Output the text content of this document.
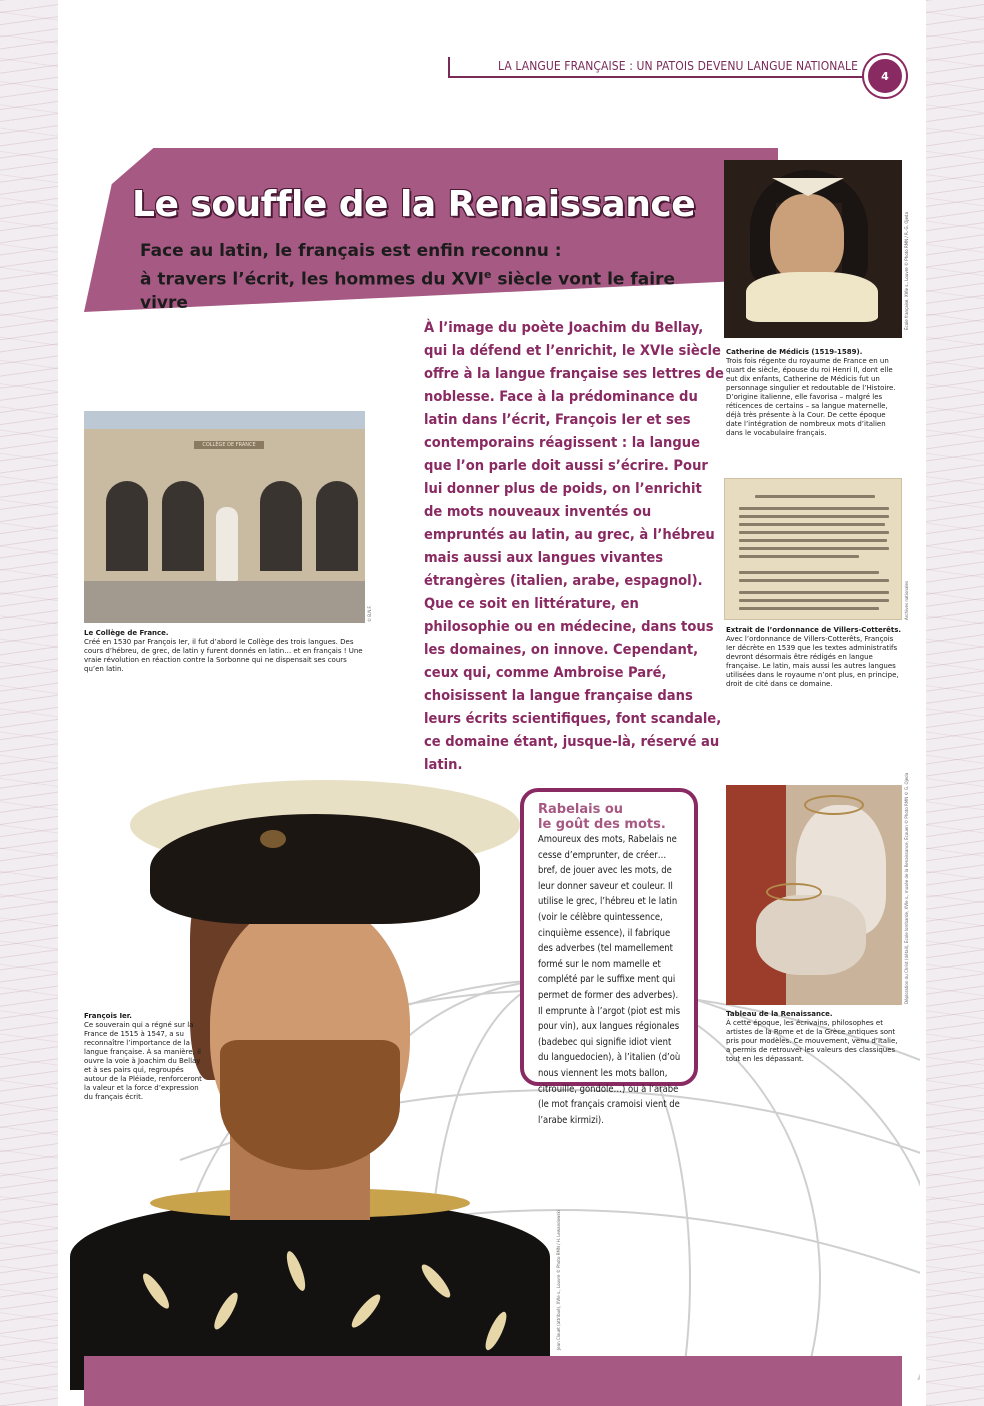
LA LANGUE FRANÇAISE : UN PATOIS DEVENU LANGUE NATIONALE
4
Le souffle de la Renaissance
Face au latin, le français est enfin reconnu :
à travers l’écrit, les hommes du XVIe siècle vont le faire vivre	École française, XVIe s., Louvre © Photo RMN / R.-G. Ojeda
Catherine de Médicis (1519-1589).
Trois fois régente du royaume de France en un quart de siècle, épouse du roi Henri II, dont elle eut dix enfants, Catherine de Médicis fut un personnage singulier et redoutable de l’Histoire. D’origine italienne, elle favorisa – malgré les réticences de certains – sa langue maternelle, déjà très présente à la Cour. De cette époque date l’intégration de nombreux mots d’italien dans le vocabulaire français.
COLLÈGE DE FRANCE
© B.N.F.
Le Collège de France.
Créé en 1530 par François Ier, il fut d’abord le Collège des trois langues. Des cours d’hébreu, de grec, de latin y furent donnés en latin… et en français ! Une vraie révolution en réaction contre la Sorbonne qui ne dispensait ses cours qu’en latin.

À l’image du poète Joachim du Bellay, qui la défend et l’enrichit, le XVIe siècle offre à la langue française ses lettres de noblesse. Face à la prédominance du latin dans l’écrit, François Ier et ses contemporains réagissent : la langue que l’on parle doit aussi s’écrire. Pour lui donner plus de poids, on l’enrichit de mots nouveaux inventés ou empruntés au latin, au grec, à l’hébreu mais aussi aux langues vivantes étrangères (italien, arabe, espagnol). Que ce soit en littérature, en philosophie ou en médecine, dans tous les domaines, on innove. Cependant, ceux qui, comme Ambroise Paré, choisissent la langue française dans leurs écrits scientifiques, font scandale, ce domaine étant, jusque-là, réservé au latin.

Archives nationales
Extrait de l’ordonnance de Villers-Cotterêts.
Avec l’ordonnance de Villers-Cotterêts, François Ier décrète en 1539 que les textes administratifs devront désormais être rédigés en langue française. Le latin, mais aussi les autres langues utilisées dans le royaume n’ont plus, en principe, droit de cité dans ce domaine.
Jean Clouet (attribué), XVIe s., Louvre © Photo RMN / H. Lewandowski
François Ier.
Ce souverain qui a régné sur la France de 1515 à 1547, a su reconnaître l’importance de la langue française. À sa manière, il ouvre la voie à Joachim du Bellay et à ses pairs qui, regroupés autour de la Pléiade, renforceront la valeur et la force d’expression du français écrit.
Rabelais ou
le goût des mots.
Amoureux des mots, Rabelais ne cesse d’emprunter, de créer… bref, de jouer avec les mots, de leur donner saveur et couleur. Il utilise le grec, l’hébreu et le latin (voir le célèbre quintessence, cinquième essence), il fabrique des adverbes (tel mamellement formé sur le nom mamelle et complété par le suffixe ment qui permet de former des adverbes). Il emprunte à l’argot (piot est mis pour vin), aux langues régionales (badebec qui signifie idiot vient du languedocien), à l’italien (d’où nous viennent les mots ballon, citrouille, gondole…) ou à l’arabe (le mot français cramoisi vient de l’arabe kirmizi).
Déploration du Christ (détail), École lombarde, XVIe s., musée de la Renaissance, Écouen © Photo RMN © G. Ojeda
Tableau de la Renaissance.
À cette époque, les écrivains, philosophes et artistes de la Rome et de la Grèce antiques sont pris pour modèles. Ce mouvement, venu d’Italie, a permis de retrouver les valeurs des classiques tout en les dépassant.
